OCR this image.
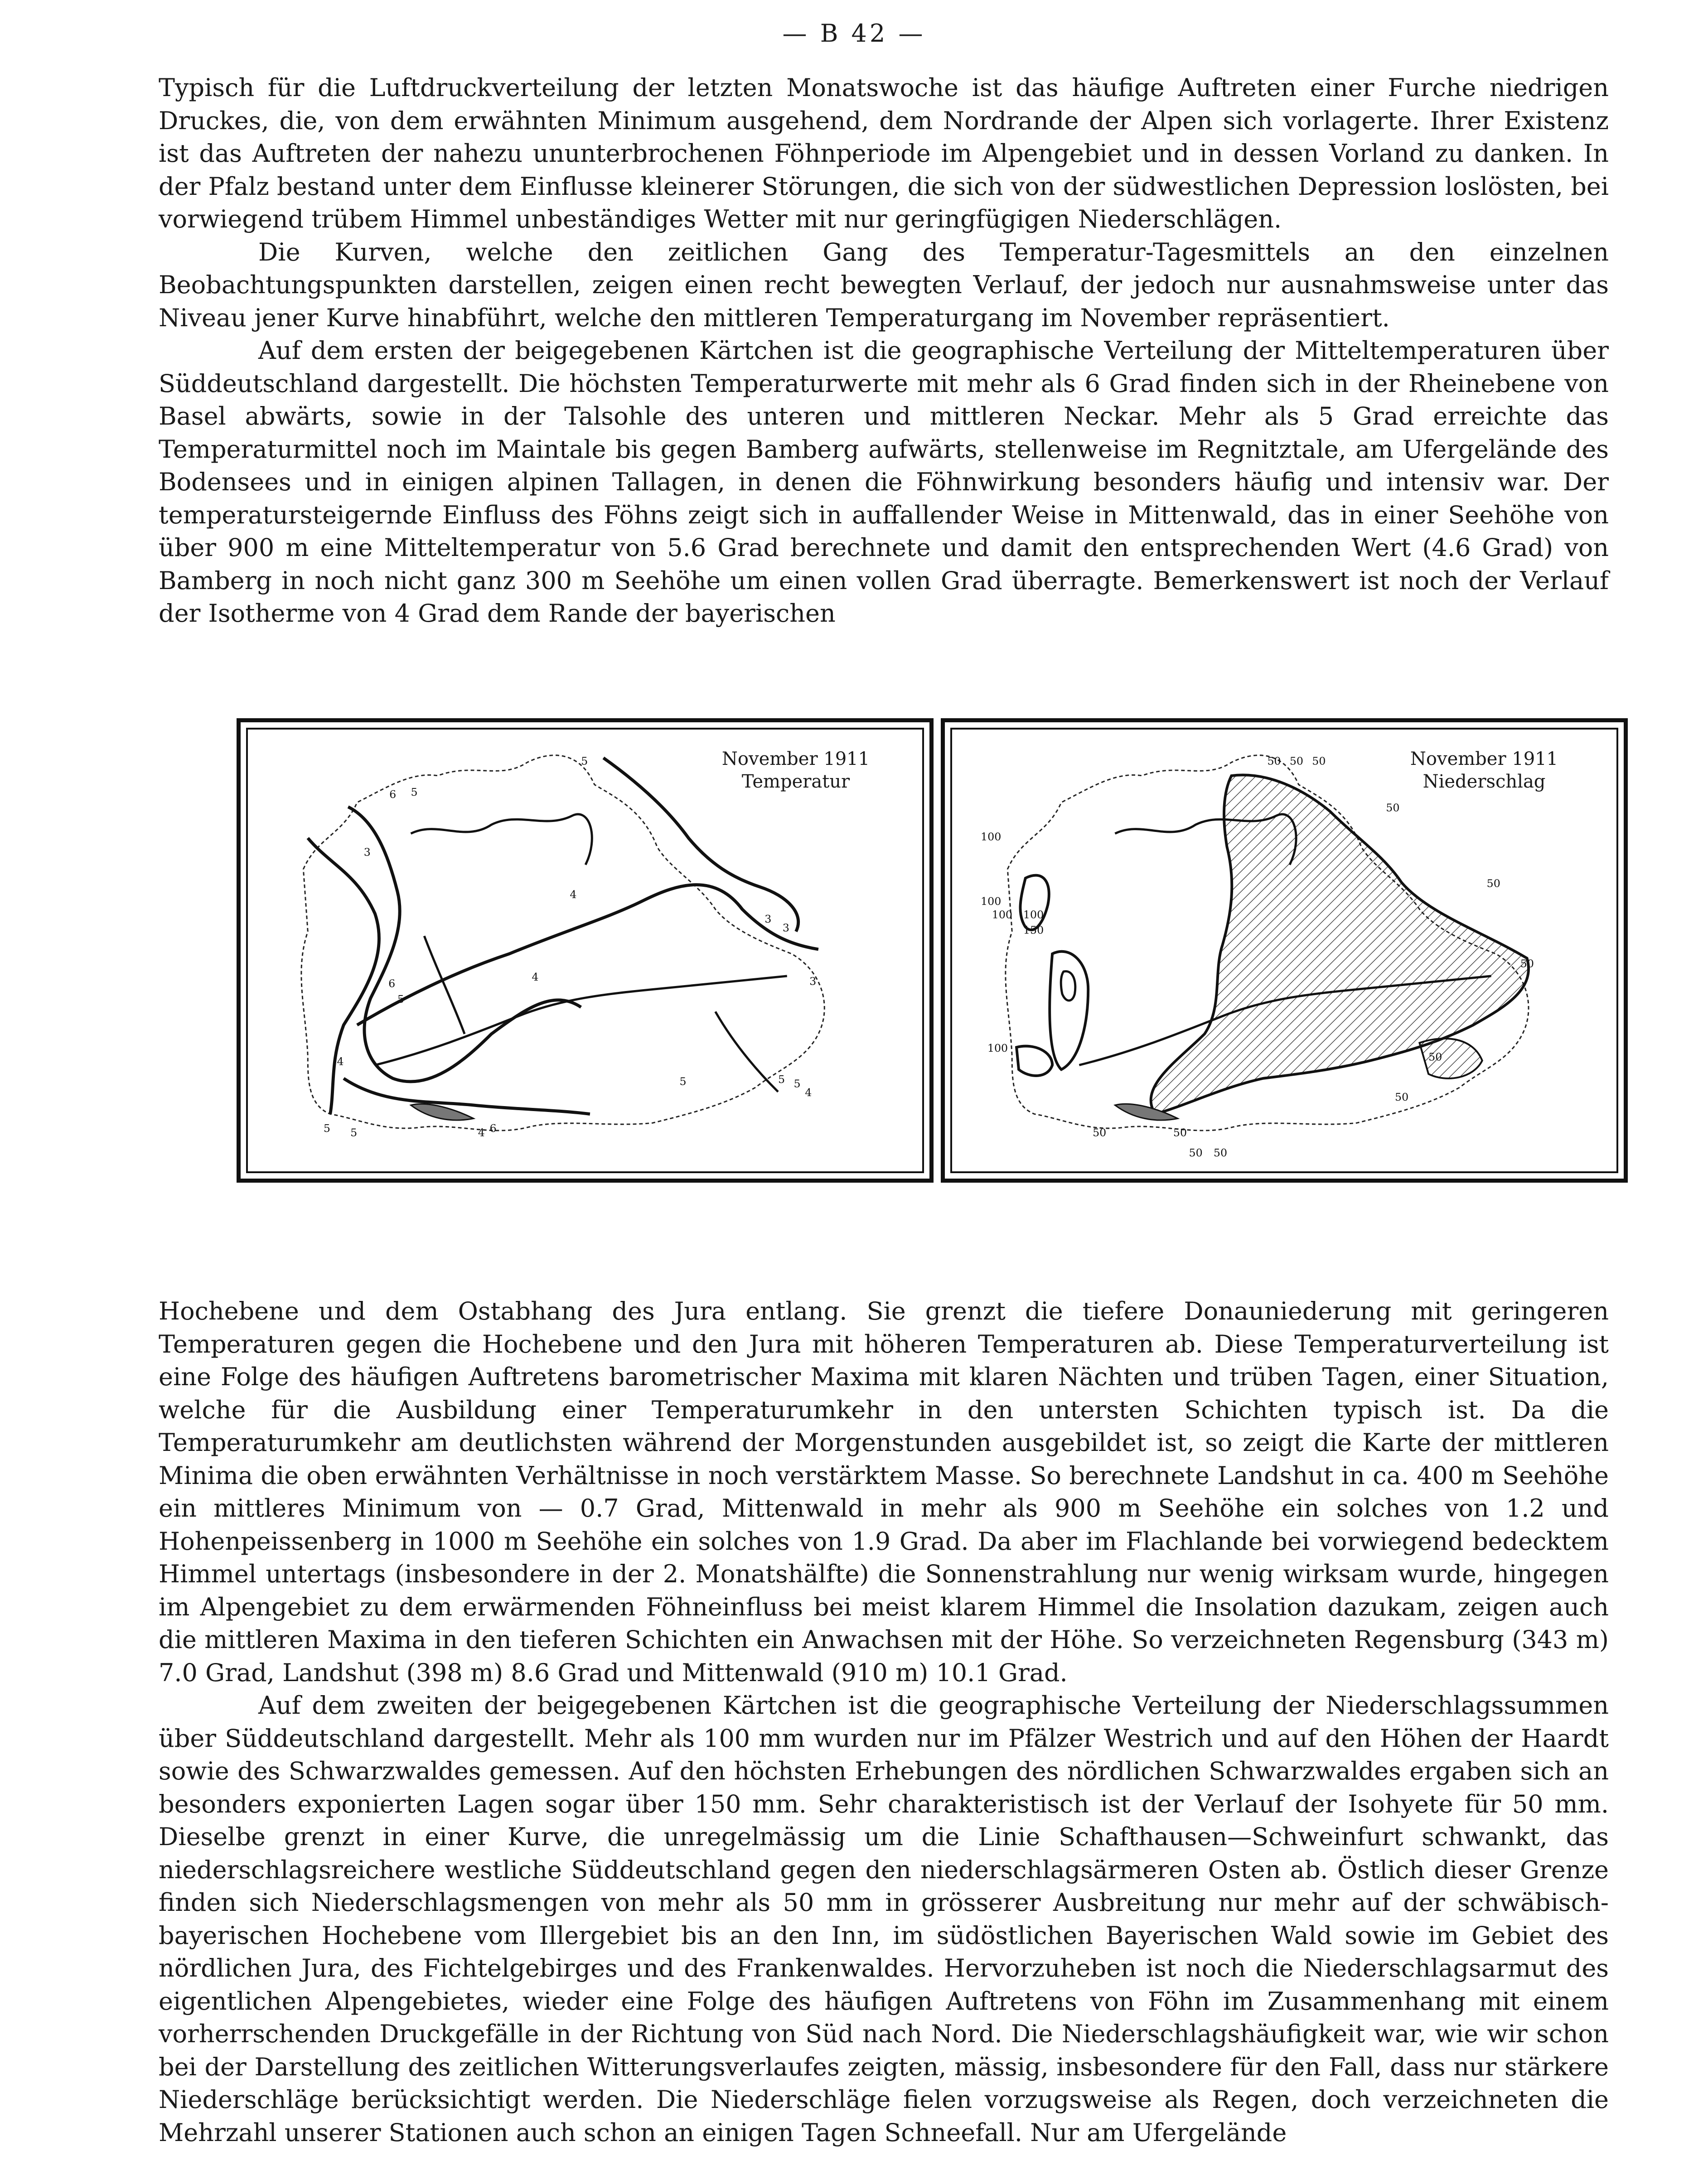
— B 42 —

Typisch für die Luftdruckverteilung der letzten Monatswoche ist das häufige Auftreten einer Furche niedrigen Druckes, die, von dem erwähnten Minimum ausgehend, dem Nordrande der Alpen sich vorlagerte. Ihrer Existenz ist das Auftreten der nahezu ununterbrochenen Föhnperiode im Alpengebiet und in dessen Vorland zu danken. In der Pfalz bestand unter dem Einflusse kleinerer Störungen, die sich von der südwestlichen Depression loslösten, bei vorwiegend trübem Himmel unbeständiges Wetter mit nur geringfügigen Niederschlägen.

Die Kurven, welche den zeitlichen Gang des Temperatur-Tagesmittels an den einzelnen Beobachtungspunkten darstellen, zeigen einen recht bewegten Verlauf, der jedoch nur ausnahmsweise unter das Niveau jener Kurve hinabführt, welche den mittleren Temperaturgang im November repräsentiert.

Auf dem ersten der beigegebenen Kärtchen ist die geographische Verteilung der Mitteltemperaturen über Süddeutschland dargestellt. Die höchsten Temperaturwerte mit mehr als 6 Grad finden sich in der Rheinebene von Basel abwärts, sowie in der Talsohle des unteren und mittleren Neckar. Mehr als 5 Grad erreichte das Temperaturmittel noch im Maintale bis gegen Bamberg aufwärts, stellenweise im Regnitztale, am Ufergelände des Bodensees und in einigen alpinen Tallagen, in denen die Föhnwirkung besonders häufig und intensiv war. Der temperatursteigernde Einfluss des Föhns zeigt sich in auffallender Weise in Mittenwald, das in einer Seehöhe von über 900 m eine Mitteltemperatur von 5.6 Grad berechnete und damit den entsprechenden Wert (4.6 Grad) von Bamberg in noch nicht ganz 300 m Seehöhe um einen vollen Grad überragte. Bemerkenswert ist noch der Verlauf der Isotherme von 4 Grad dem Rande der bayerischen

6 5
5
4
3
3
3
3
6
5
4
5 5
4
4
5	4 6
5
5
November 1911
Temperatur
50 50 50
50
100
100
100 100
150
50
50
100
50
50
50	50
50 50
November 1911
Niederschlag

Hochebene und dem Ostabhang des Jura entlang. Sie grenzt die tiefere Donauniederung mit geringeren Temperaturen gegen die Hochebene und den Jura mit höheren Temperaturen ab. Diese Temperaturverteilung ist eine Folge des häufigen Auftretens barometrischer Maxima mit klaren Nächten und trüben Tagen, einer Situation, welche für die Ausbildung einer Temperaturumkehr in den untersten Schichten typisch ist. Da die Temperaturumkehr am deutlichsten während der Morgenstunden ausgebildet ist, so zeigt die Karte der mittleren Minima die oben erwähnten Verhältnisse in noch verstärktem Masse. So berechnete Landshut in ca. 400 m Seehöhe ein mittleres Minimum von — 0.7 Grad, Mittenwald in mehr als 900 m Seehöhe ein solches von 1.2 und Hohenpeissenberg in 1000 m Seehöhe ein solches von 1.9 Grad. Da aber im Flachlande bei vorwiegend bedecktem Himmel untertags (insbesondere in der 2. Monatshälfte) die Sonnenstrahlung nur wenig wirksam wurde, hingegen im Alpengebiet zu dem erwärmenden Föhneinfluss bei meist klarem Himmel die Insolation dazukam, zeigen auch die mittleren Maxima in den tieferen Schichten ein Anwachsen mit der Höhe. So verzeichneten Regensburg (343 m) 7.0 Grad, Landshut (398 m) 8.6 Grad und Mittenwald (910 m) 10.1 Grad.

Auf dem zweiten der beigegebenen Kärtchen ist die geographische Verteilung der Niederschlagssummen über Süddeutschland dargestellt. Mehr als 100 mm wurden nur im Pfälzer Westrich und auf den Höhen der Haardt sowie des Schwarzwaldes gemessen. Auf den höchsten Erhebungen des nördlichen Schwarzwaldes ergaben sich an besonders exponierten Lagen sogar über 150 mm. Sehr charakteristisch ist der Verlauf der Isohyete für 50 mm. Dieselbe grenzt in einer Kurve, die unregelmässig um die Linie Schafthausen—Schweinfurt schwankt, das niederschlagsreichere westliche Süddeutschland gegen den niederschlagsärmeren Osten ab. Östlich dieser Grenze finden sich Niederschlagsmengen von mehr als 50 mm in grösserer Ausbreitung nur mehr auf der schwäbisch-bayerischen Hochebene vom Illergebiet bis an den Inn, im südöstlichen Bayerischen Wald sowie im Gebiet des nördlichen Jura, des Fichtelgebirges und des Frankenwaldes. Hervorzuheben ist noch die Niederschlagsarmut des eigentlichen Alpengebietes, wieder eine Folge des häufigen Auftretens von Föhn im Zusammenhang mit einem vorherrschenden Druckgefälle in der Richtung von Süd nach Nord. Die Niederschlagshäufigkeit war, wie wir schon bei der Darstellung des zeitlichen Witterungsverlaufes zeigten, mässig, insbesondere für den Fall, dass nur stärkere Niederschläge berücksichtigt werden. Die Niederschläge fielen vorzugsweise als Regen, doch verzeichneten die Mehrzahl unserer Stationen auch schon an einigen Tagen Schneefall. Nur am Ufergelände
